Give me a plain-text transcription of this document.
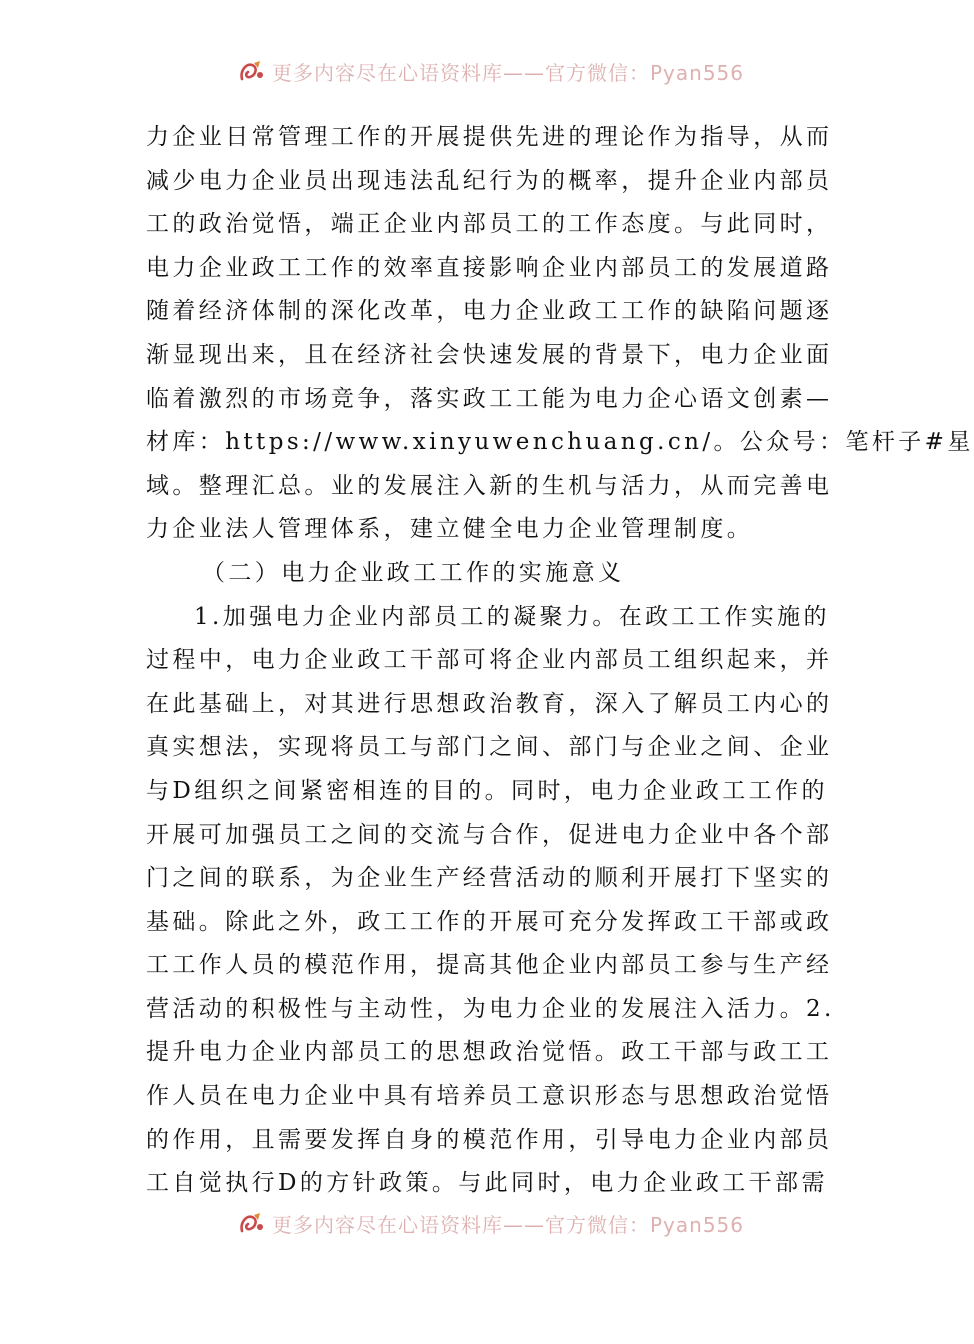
更多内容尽在心语资料库——官方微信：Pyan556
力企业日常管理工作的开展提供先进的理论作为指导，从而
减少电力企业员出现违法乱纪行为的概率，提升企业内部员
工的政治觉悟，端正企业内部员工的工作态度。与此同时，
电力企业政工工作的效率直接影响企业内部员工的发展道路
随着经济体制的深化改革，电力企业政工工作的缺陷问题逐
渐显现出来，且在经济社会快速发展的背景下，电力企业面
临着激烈的市场竞争，落实政工工能为电力企心语文创素—
材库：https://www.xinyuwenchuang.cn/。公众号：笔杆子#星
域。整理汇总。业的发展注入新的生机与活力，从而完善电
力企业法人管理体系，建立健全电力企业管理制度。
（二）电力企业政工工作的实施意义
1.加强电力企业内部员工的凝聚力。在政工工作实施的
过程中，电力企业政工干部可将企业内部员工组织起来，并
在此基础上，对其进行思想政治教育，深入了解员工内心的
真实想法，实现将员工与部门之间、部门与企业之间、企业
与D组织之间紧密相连的目的。同时，电力企业政工工作的
开展可加强员工之间的交流与合作，促进电力企业中各个部
门之间的联系，为企业生产经营活动的顺利开展打下坚实的
基础。除此之外，政工工作的开展可充分发挥政工干部或政
工工作人员的模范作用，提高其他企业内部员工参与生产经
营活动的积极性与主动性，为电力企业的发展注入活力。2.
提升电力企业内部员工的思想政治觉悟。政工干部与政工工
作人员在电力企业中具有培养员工意识形态与思想政治觉悟
的作用，且需要发挥自身的模范作用，引导电力企业内部员
工自觉执行D的方针政策。与此同时，电力企业政工干部需
更多内容尽在心语资料库——官方微信：Pyan556
